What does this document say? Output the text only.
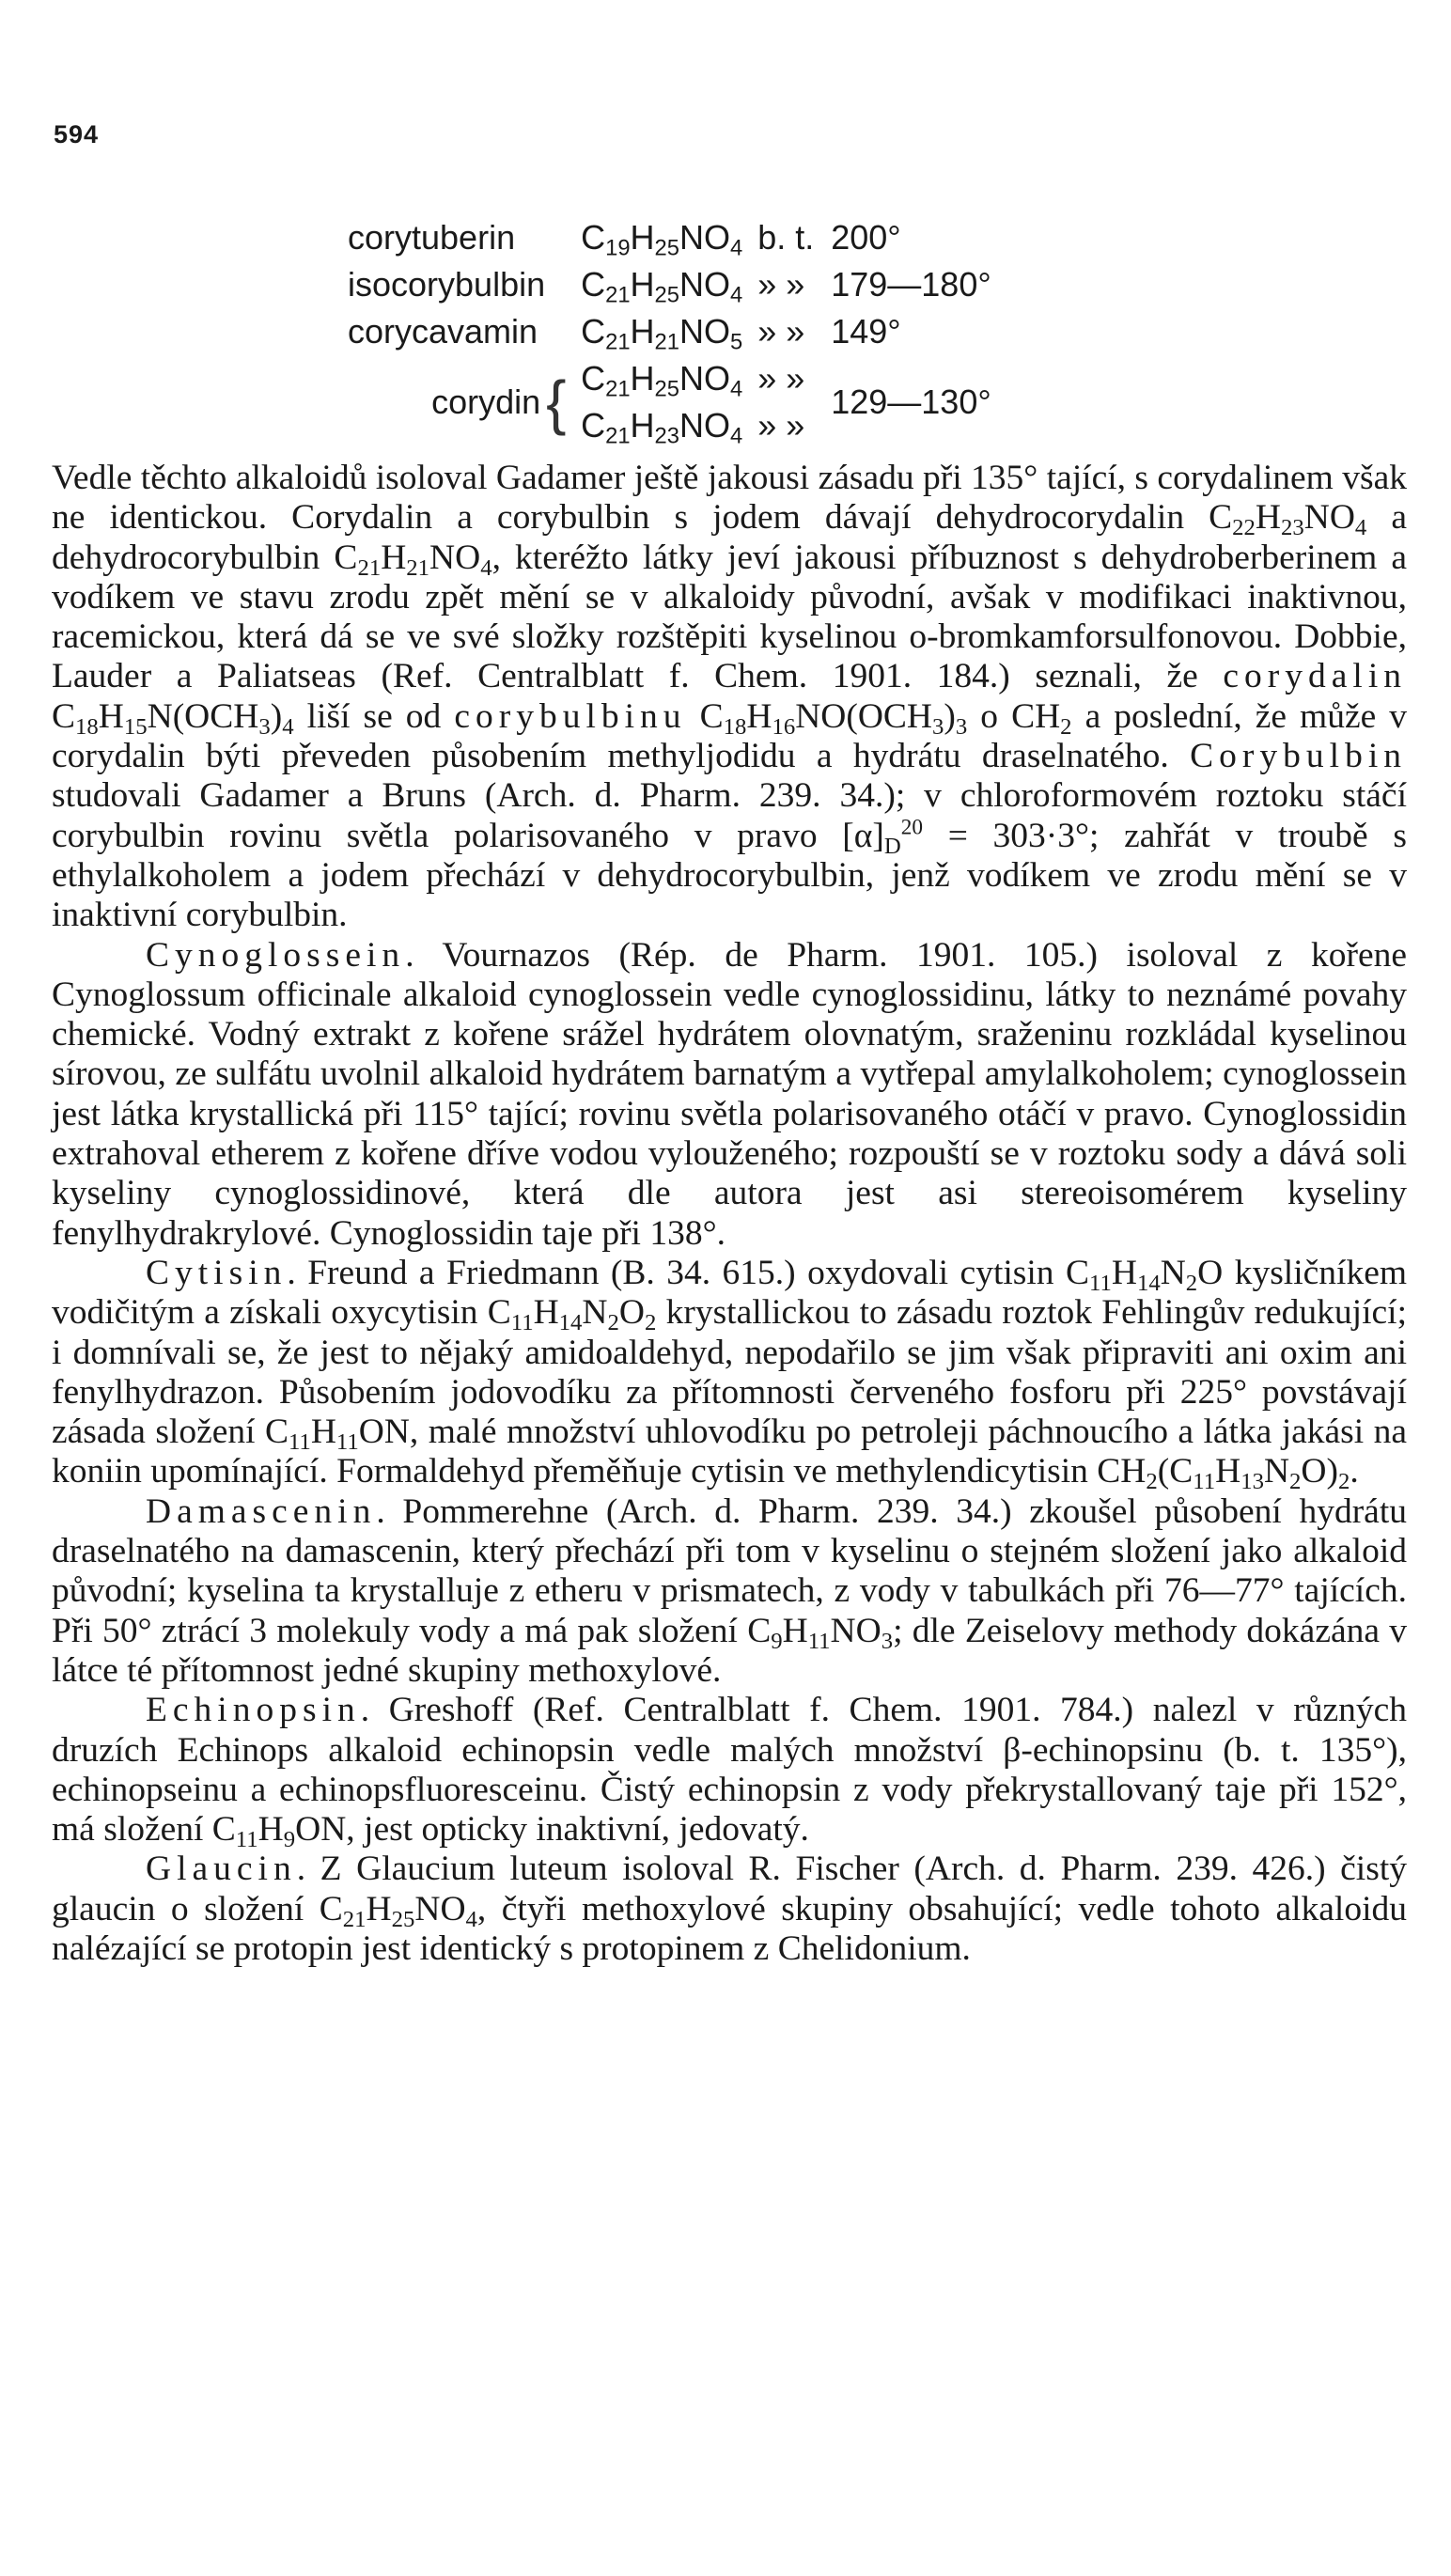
594
corytuberin		$C_{19}H_{25}NO_4$	b. t.	200°
isocorybulbin		$C_{21}H_{25}NO_4$	» »	179—180°
corycavamin		$C_{21}H_{21}NO_5$	» »	149°
corydin	{	$C_{21}H_{25}NO_4$	» »	129—130°
		$C_{21}H_{23}NO_4$	» »	

Vedle těchto alkaloidů isoloval Gadamer ještě jakousi zásadu při 135° tající, s corydalinem však ne identickou. Corydalin a corybulbin s jodem dávají dehydrocorydalin $C_{22}H_{23}NO_4$ a dehydrocorybulbin $C_{21}H_{21}NO_4$, kteréžto látky jeví jakousi příbuznost s dehydroberberinem a vodíkem ve stavu zrodu zpět mění se v alkaloidy původní, avšak v modifikaci inaktivnou, racemickou, která dá se ve své složky rozštěpiti kyselinou o-bromkamforsulfonovou. Dobbie, Lauder a Paliatseas (Ref. Centralblatt f. Chem. 1901. 184.) seznali, že corydalin $C_{18}H_{15}N(OCH_3)_4$ liší se od corybulbinu $C_{18}H_{16}NO(OCH_3)_3$ o $CH_2$ a poslední, že může v corydalin býti převeden působením methyljodidu a hydrátu draselnatého. Corybulbin studovali Gadamer a Bruns (Arch. d. Pharm. 239. 34.); v chloroformovém roztoku stáčí corybulbin rovinu světla polarisovaného v pravo $[\alpha]_D^{20} = 303\cdot 3^\circ$; zahřát v troubě s ethylalkoholem a jodem přechází v dehydrocorybulbin, jenž vodíkem ve zrodu mění se v inaktivní corybulbin.

Cynoglossein. Vournazos (Rép. de Pharm. 1901. 105.) isoloval z kořene Cynoglossum officinale alkaloid cynoglossein vedle cynoglossidinu, látky to neznámé povahy chemické. Vodný extrakt z kořene srážel hydrátem olovnatým, sraženinu rozkládal kyselinou sírovou, ze sulfátu uvolnil alkaloid hydrátem barnatým a vytřepal amylalkoholem; cynoglossein jest látka krystallická při 115° tající; rovinu světla polarisovaného otáčí v pravo. Cynoglossidin extrahoval etherem z kořene dříve vodou vylouženého; rozpouští se v roztoku sody a dává soli kyseliny cynoglossidinové, která dle autora jest asi stereoisomérem kyseliny fenylhydrakrylové. Cynoglossidin taje při 138°.

Cytisin. Freund a Friedmann (B. 34. 615.) oxydovali cytisin $C_{11}H_{14}N_2O$ kysličníkem vodičitým a získali oxycytisin $C_{11}H_{14}N_2O_2$ krystallickou to zásadu roztok Fehlingův redukující; i domnívali se, že jest to nějaký amidoaldehyd, nepodařilo se jim však připraviti ani oxim ani fenylhydrazon. Působením jodovodíku za přítomnosti červeného fosforu při 225° povstávají zásada složení $C_{11}H_{11}ON$, malé množství uhlovodíku po petroleji páchnoucího a látka jakási na koniin upomínající. Formaldehyd přeměňuje cytisin ve methylendicytisin $CH_2(C_{11}H_{13}N_2O)_2$.

Damascenin. Pommerehne (Arch. d. Pharm. 239. 34.) zkoušel působení hydrátu draselnatého na damascenin, který přechází při tom v kyselinu o stejném složení jako alkaloid původní; kyselina ta krystalluje z etheru v prismatech, z vody v tabulkách při 76—77° tajících. Při 50° ztrácí 3 molekuly vody a má pak složení $C_9H_{11}NO_3$; dle Zeiselovy methody dokázána v látce té přítomnost jedné skupiny methoxylové.

Echinopsin. Greshoff (Ref. Centralblatt f. Chem. 1901. 784.) nalezl v různých druzích Echinops alkaloid echinopsin vedle malých množství β-echinopsinu (b. t. 135°), echinopseinu a echinopsfluoresceinu. Čistý echinopsin z vody překrystallovaný taje při 152°, má složení $C_{11}H_9ON$, jest opticky inaktivní, jedovatý.

Glaucin. Z Glaucium luteum isoloval R. Fischer (Arch. d. Pharm. 239. 426.) čistý glaucin o složení $C_{21}H_{25}NO_4$, čtyři methoxylové skupiny obsahující; vedle tohoto alkaloidu nalézající se protopin jest identický s protopinem z Chelidonium.
